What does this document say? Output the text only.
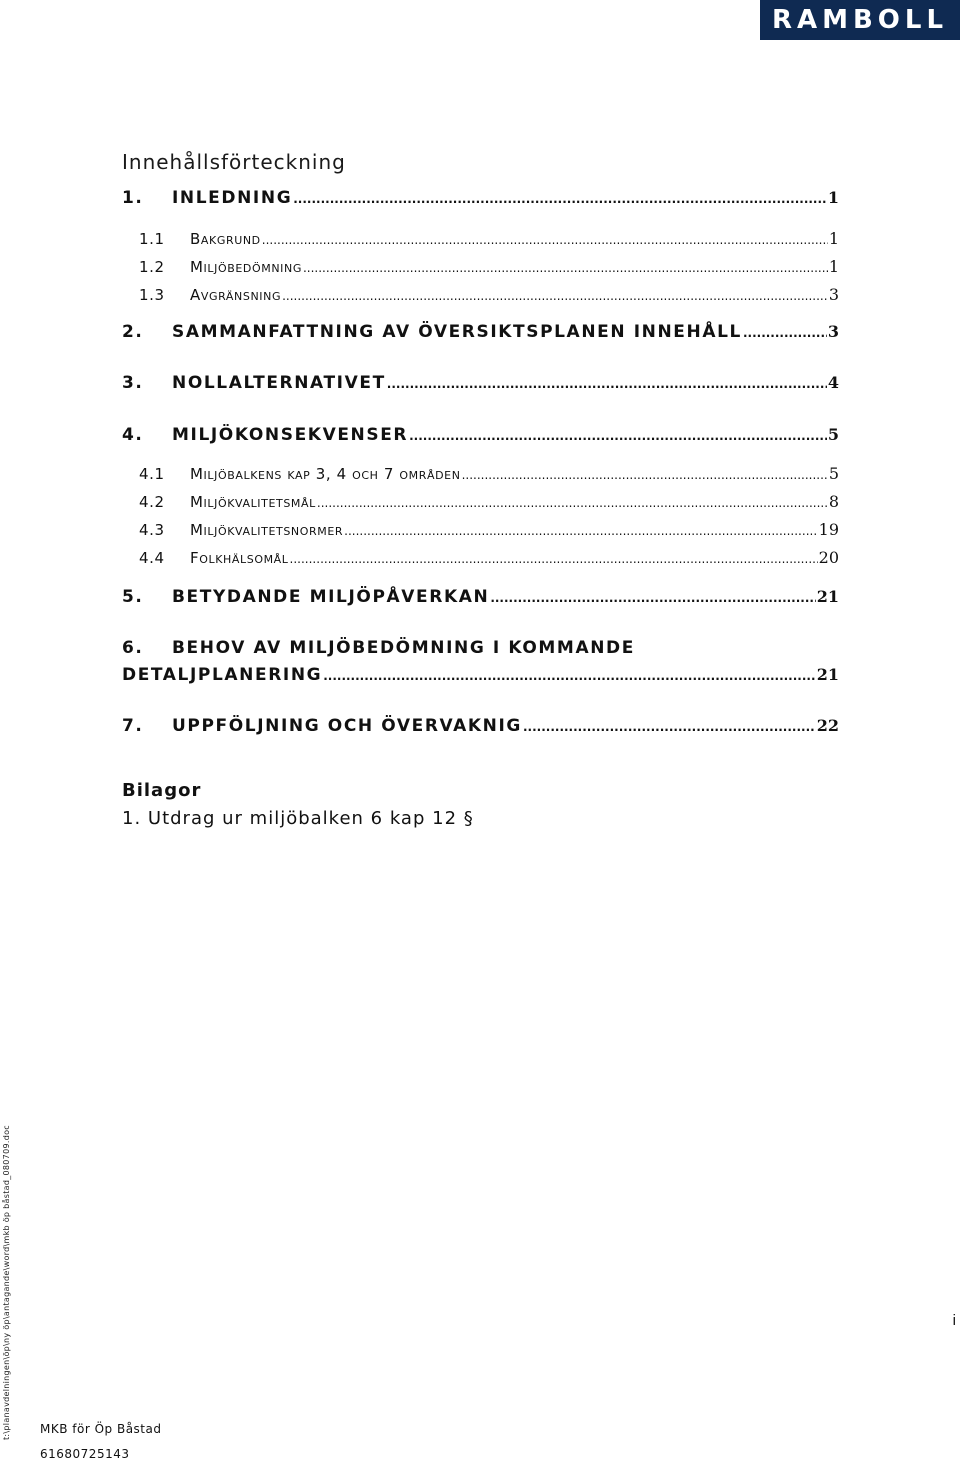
RAMBOLL
Innehållsförteckning
1.	INLEDNING .....	1
1.1	Bakgrund .....	1
1.2	Miljöbedömning .....	1
1.3	Avgränsning .....	3
2.	SAMMANFATTNING AV ÖVERSIKTSPLANEN INNEHÅLL .....	3
3.	NOLLALTERNATIVET .....	4
4.	MILJÖKONSEKVENSER .....	5
4.1	Miljöbalkens kap 3, 4 och 7 områden .....	5
4.2	Miljökvalitetsmål .....	8
4.3	Miljökvalitetsnormer .....	19
4.4	Folkhälsomål .....	20
5.	BETYDANDE MILJÖPÅVERKAN .....	21
6.	BEHOV AV MILJÖBEDÖMNING I KOMMANDE
DETALJPLANERING .....	21
7.	UPPFÖLJNING OCH ÖVERVAKNIG .....	22
Bilagor
1. Utdrag ur miljöbalken 6 kap 12 §
t:\planavdelningen\öp\ny öp\antagande\word\mkb öp båstad_080709.doc	i
MKB för Öp Båstad
61680725143
